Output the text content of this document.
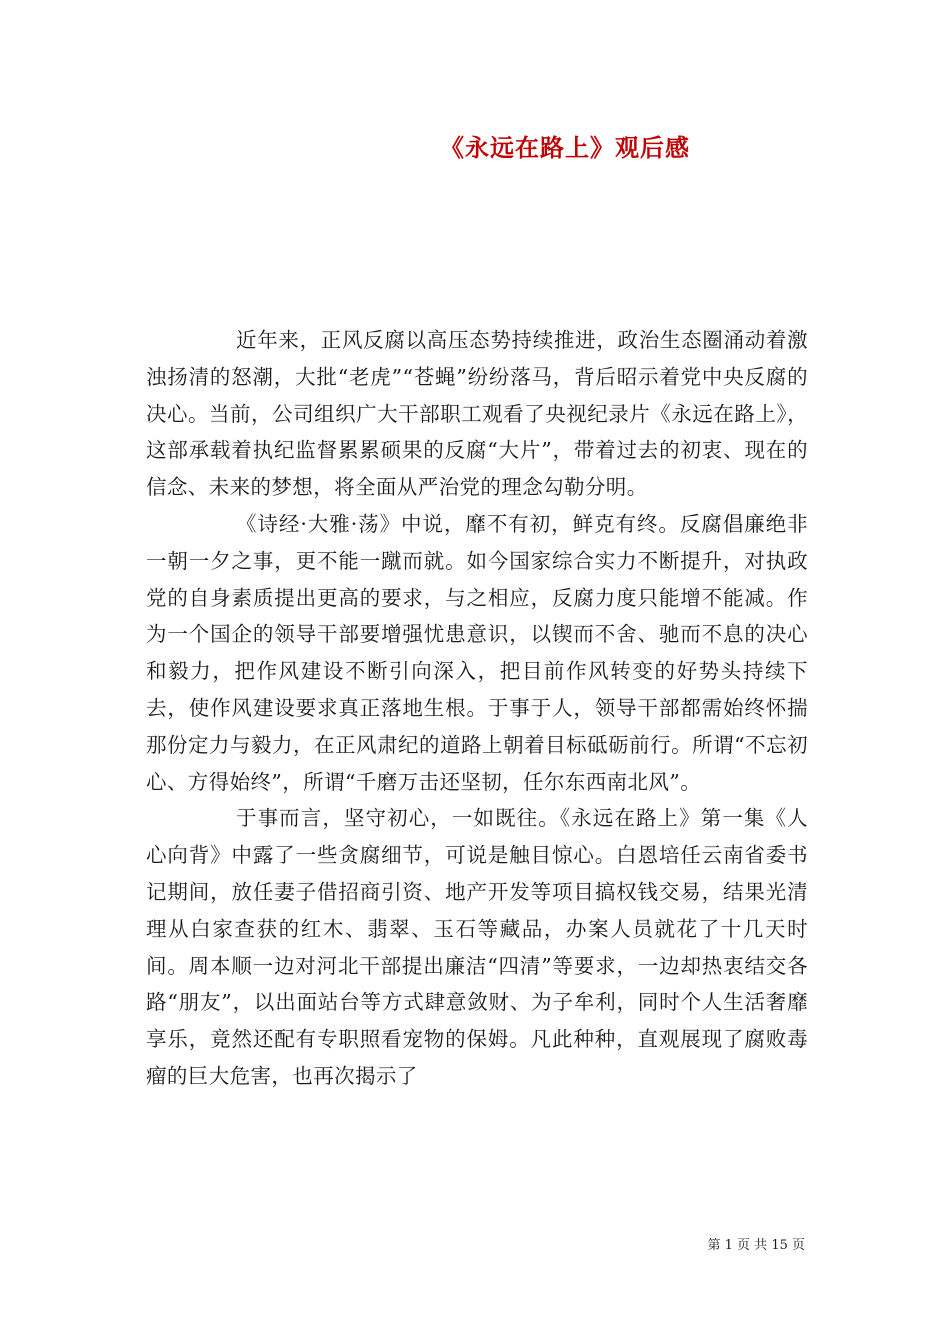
《永远在路上》观后感

近年来，正风反腐以高压态势持续推进，政治生态圈涌动着激浊扬清的怒潮，大批“老虎”“苍蝇”纷纷落马，背后昭示着党中央反腐的决心。当前，公司组织广大干部职工观看了央视纪录片《永远在路上》，这部承载着执纪监督累累硕果的反腐“大片”，带着过去的初衷、现在的信念、未来的梦想，将全面从严治党的理念勾勒分明。

《诗经·大雅·荡》中说，靡不有初，鲜克有终。反腐倡廉绝非一朝一夕之事，更不能一蹴而就。如今国家综合实力不断提升，对执政党的自身素质提出更高的要求，与之相应，反腐力度只能增不能减。作为一个国企的领导干部要增强忧患意识，以锲而不舍、驰而不息的决心和毅力，把作风建设不断引向深入，把目前作风转变的好势头持续下去，使作风建设要求真正落地生根。于事于人，领导干部都需始终怀揣那份定力与毅力，在正风肃纪的道路上朝着目标砥砺前行。所谓“不忘初心、方得始终”，所谓“千磨万击还坚韧，任尔东西南北风”。

于事而言，坚守初心，一如既往。《永远在路上》第一集《人心向背》中露了一些贪腐细节，可说是触目惊心。白恩培任云南省委书记期间，放任妻子借招商引资、地产开发等项目搞权钱交易，结果光清理从白家查获的红木、翡翠、玉石等藏品，办案人员就花了十几天时间。周本顺一边对河北干部提出廉洁“四清”等要求，一边却热衷结交各路“朋友”，以出面站台等方式肆意敛财、为子牟利，同时个人生活奢靡享乐，竟然还配有专职照看宠物的保姆。凡此种种，直观展现了腐败毒瘤的巨大危害，也再次揭示了

第 1 页 共 15 页
